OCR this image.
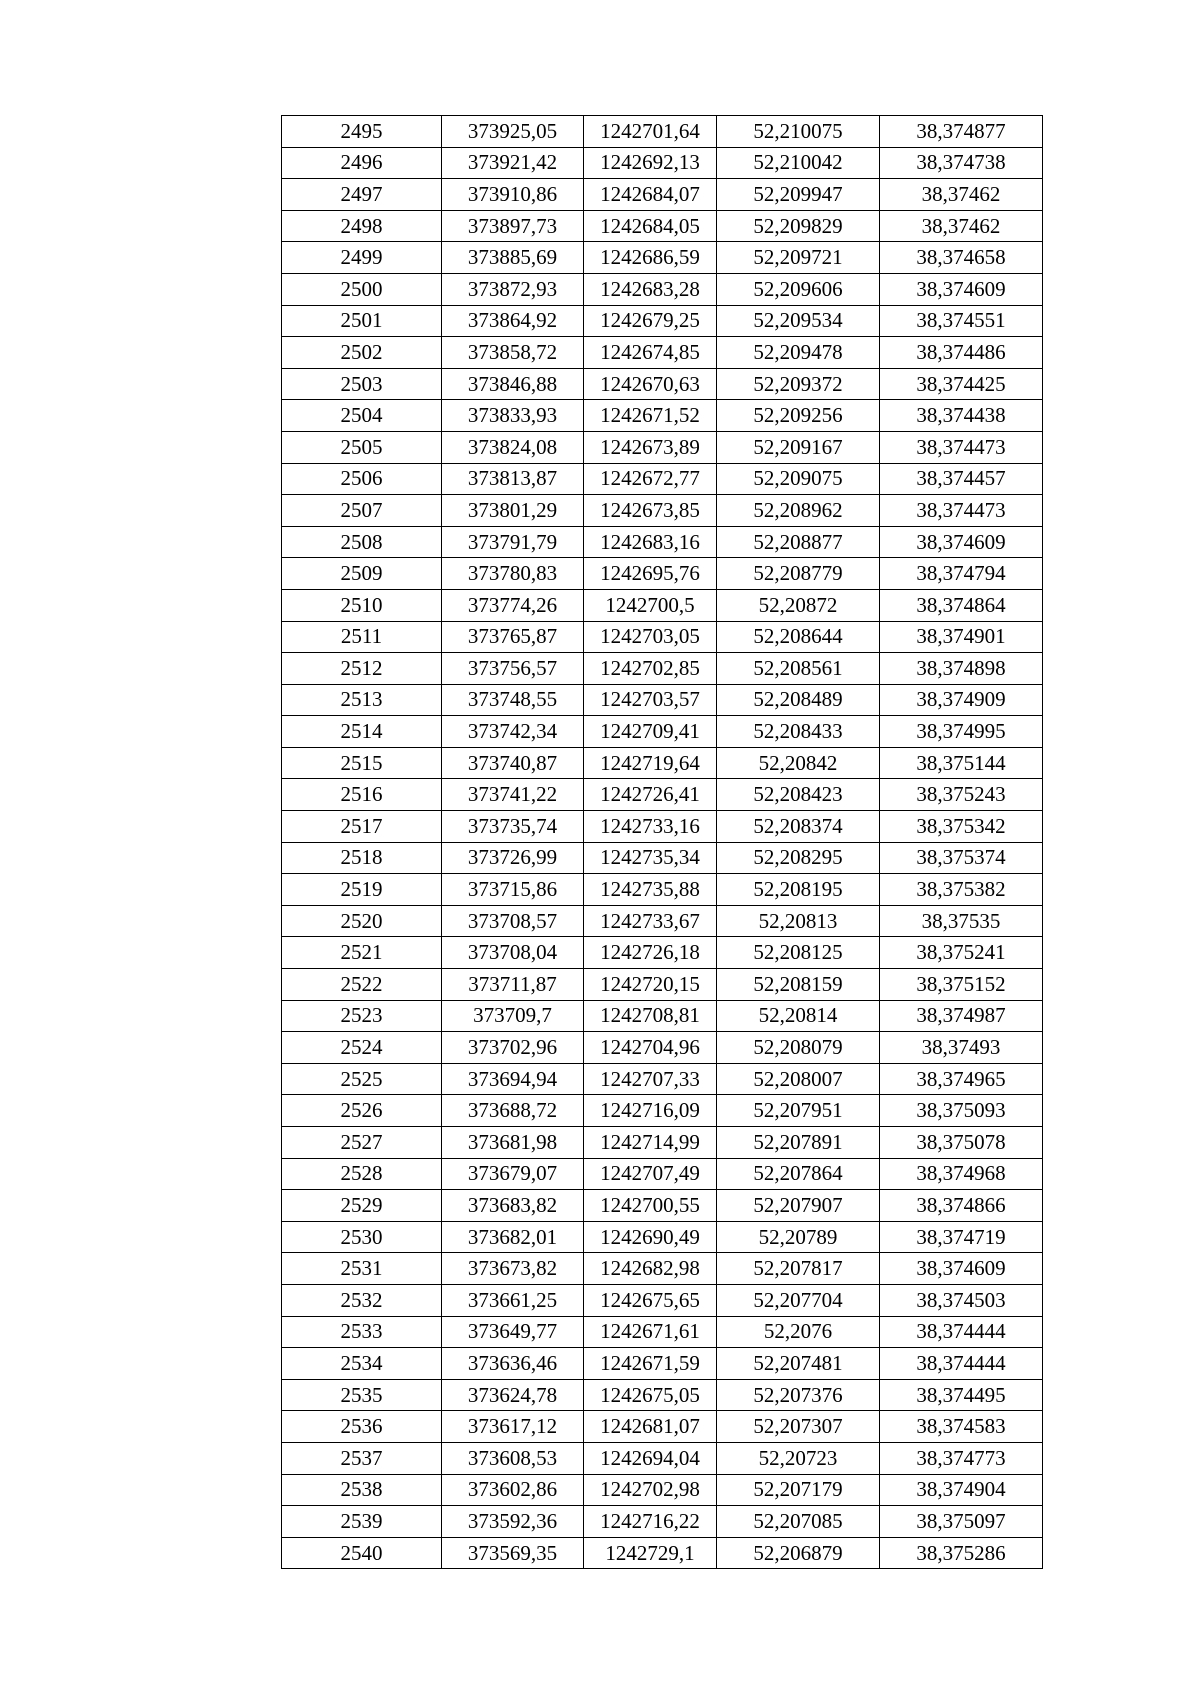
2495	373925,05	1242701,64	52,210075	38,374877
2496	373921,42	1242692,13	52,210042	38,374738
2497	373910,86	1242684,07	52,209947	38,37462
2498	373897,73	1242684,05	52,209829	38,37462
2499	373885,69	1242686,59	52,209721	38,374658
2500	373872,93	1242683,28	52,209606	38,374609
2501	373864,92	1242679,25	52,209534	38,374551
2502	373858,72	1242674,85	52,209478	38,374486
2503	373846,88	1242670,63	52,209372	38,374425
2504	373833,93	1242671,52	52,209256	38,374438
2505	373824,08	1242673,89	52,209167	38,374473
2506	373813,87	1242672,77	52,209075	38,374457
2507	373801,29	1242673,85	52,208962	38,374473
2508	373791,79	1242683,16	52,208877	38,374609
2509	373780,83	1242695,76	52,208779	38,374794
2510	373774,26	1242700,5	52,20872	38,374864
2511	373765,87	1242703,05	52,208644	38,374901
2512	373756,57	1242702,85	52,208561	38,374898
2513	373748,55	1242703,57	52,208489	38,374909
2514	373742,34	1242709,41	52,208433	38,374995
2515	373740,87	1242719,64	52,20842	38,375144
2516	373741,22	1242726,41	52,208423	38,375243
2517	373735,74	1242733,16	52,208374	38,375342
2518	373726,99	1242735,34	52,208295	38,375374
2519	373715,86	1242735,88	52,208195	38,375382
2520	373708,57	1242733,67	52,20813	38,37535
2521	373708,04	1242726,18	52,208125	38,375241
2522	373711,87	1242720,15	52,208159	38,375152
2523	373709,7	1242708,81	52,20814	38,374987
2524	373702,96	1242704,96	52,208079	38,37493
2525	373694,94	1242707,33	52,208007	38,374965
2526	373688,72	1242716,09	52,207951	38,375093
2527	373681,98	1242714,99	52,207891	38,375078
2528	373679,07	1242707,49	52,207864	38,374968
2529	373683,82	1242700,55	52,207907	38,374866
2530	373682,01	1242690,49	52,20789	38,374719
2531	373673,82	1242682,98	52,207817	38,374609
2532	373661,25	1242675,65	52,207704	38,374503
2533	373649,77	1242671,61	52,2076	38,374444
2534	373636,46	1242671,59	52,207481	38,374444
2535	373624,78	1242675,05	52,207376	38,374495
2536	373617,12	1242681,07	52,207307	38,374583
2537	373608,53	1242694,04	52,20723	38,374773
2538	373602,86	1242702,98	52,207179	38,374904
2539	373592,36	1242716,22	52,207085	38,375097
2540	373569,35	1242729,1	52,206879	38,375286
